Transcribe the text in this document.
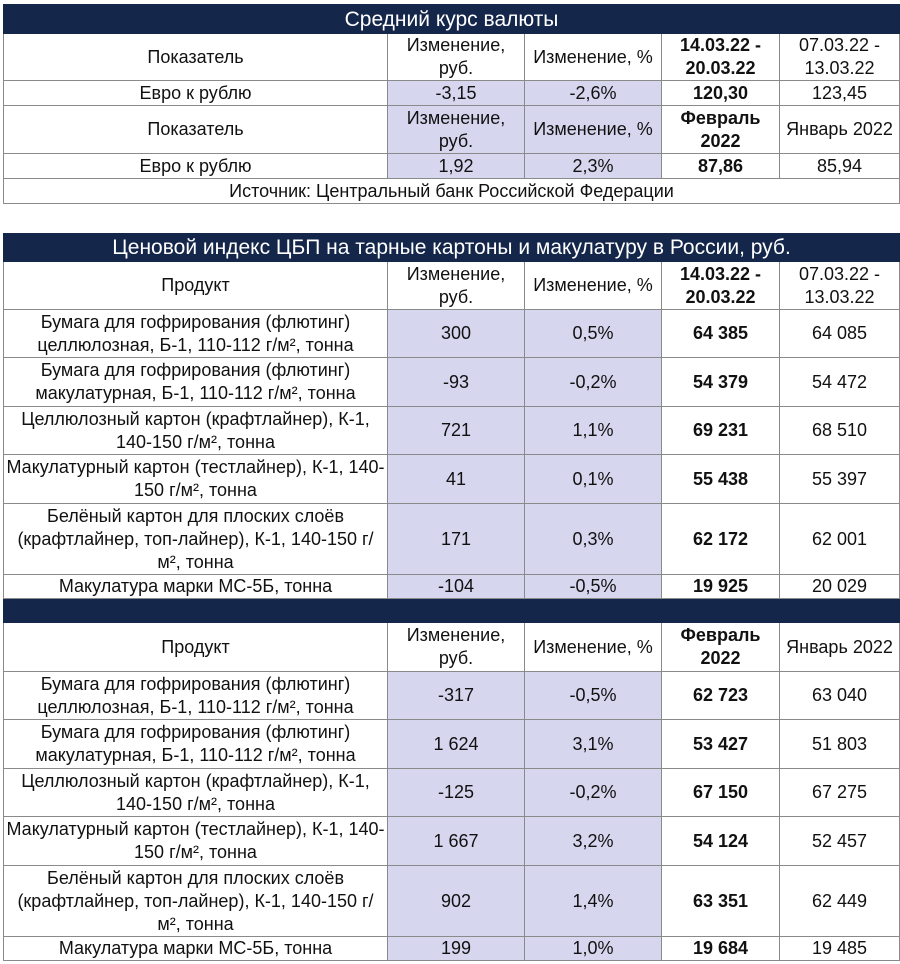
Средний курс валюты				
Показатель	Изменение, руб.	Изменение, %	14.03.22 - 20.03.22	07.03.22 - 13.03.22
Евро к рублю	-3,15	-2,6%	120,30	123,45
Показатель	Изменение, руб.	Изменение, %	Февраль 2022	Январь 2022
Евро к рублю	1,92	2,3%	87,86	85,94
Источник: Центральный банк Российской Федерации				
Ценовой индекс ЦБП на тарные картоны и макулатуру в России, руб.				
Продукт	Изменение, руб.	Изменение, %	14.03.22 - 20.03.22	07.03.22 - 13.03.22
Бумага для гофрирования (флютинг) целлюлозная, Б-1, 110-112 г/м², тонна	300	0,5%	64 385	64 085
Бумага для гофрирования (флютинг) макулатурная, Б-1, 110-112 г/м², тонна	-93	-0,2%	54 379	54 472
Целлюлозный картон (крафтлайнер), К-1, 140-150 г/м², тонна	721	1,1%	69 231	68 510
Макулатурный картон (тестлайнер), К-1, 140-150 г/м², тонна	41	0,1%	55 438	55 397
Белёный картон для плоских слоёв (крафтлайнер, топ-лайнер), К-1, 140-150 г/м², тонна	171	0,3%	62 172	62 001
Макулатура марки МС-5Б, тонна	-104	-0,5%	19 925	20 029

Продукт	Изменение, руб.	Изменение, %	Февраль 2022	Январь 2022
Бумага для гофрирования (флютинг) целлюлозная, Б-1, 110-112 г/м², тонна	-317	-0,5%	62 723	63 040
Бумага для гофрирования (флютинг) макулатурная, Б-1, 110-112 г/м², тонна	1 624	3,1%	53 427	51 803
Целлюлозный картон (крафтлайнер), К-1, 140-150 г/м², тонна	-125	-0,2%	67 150	67 275
Макулатурный картон (тестлайнер), К-1, 140-150 г/м², тонна	1 667	3,2%	54 124	52 457
Белёный картон для плоских слоёв (крафтлайнер, топ-лайнер), К-1, 140-150 г/м², тонна	902	1,4%	63 351	62 449
Макулатура марки МС-5Б, тонна	199	1,0%	19 684	19 485
